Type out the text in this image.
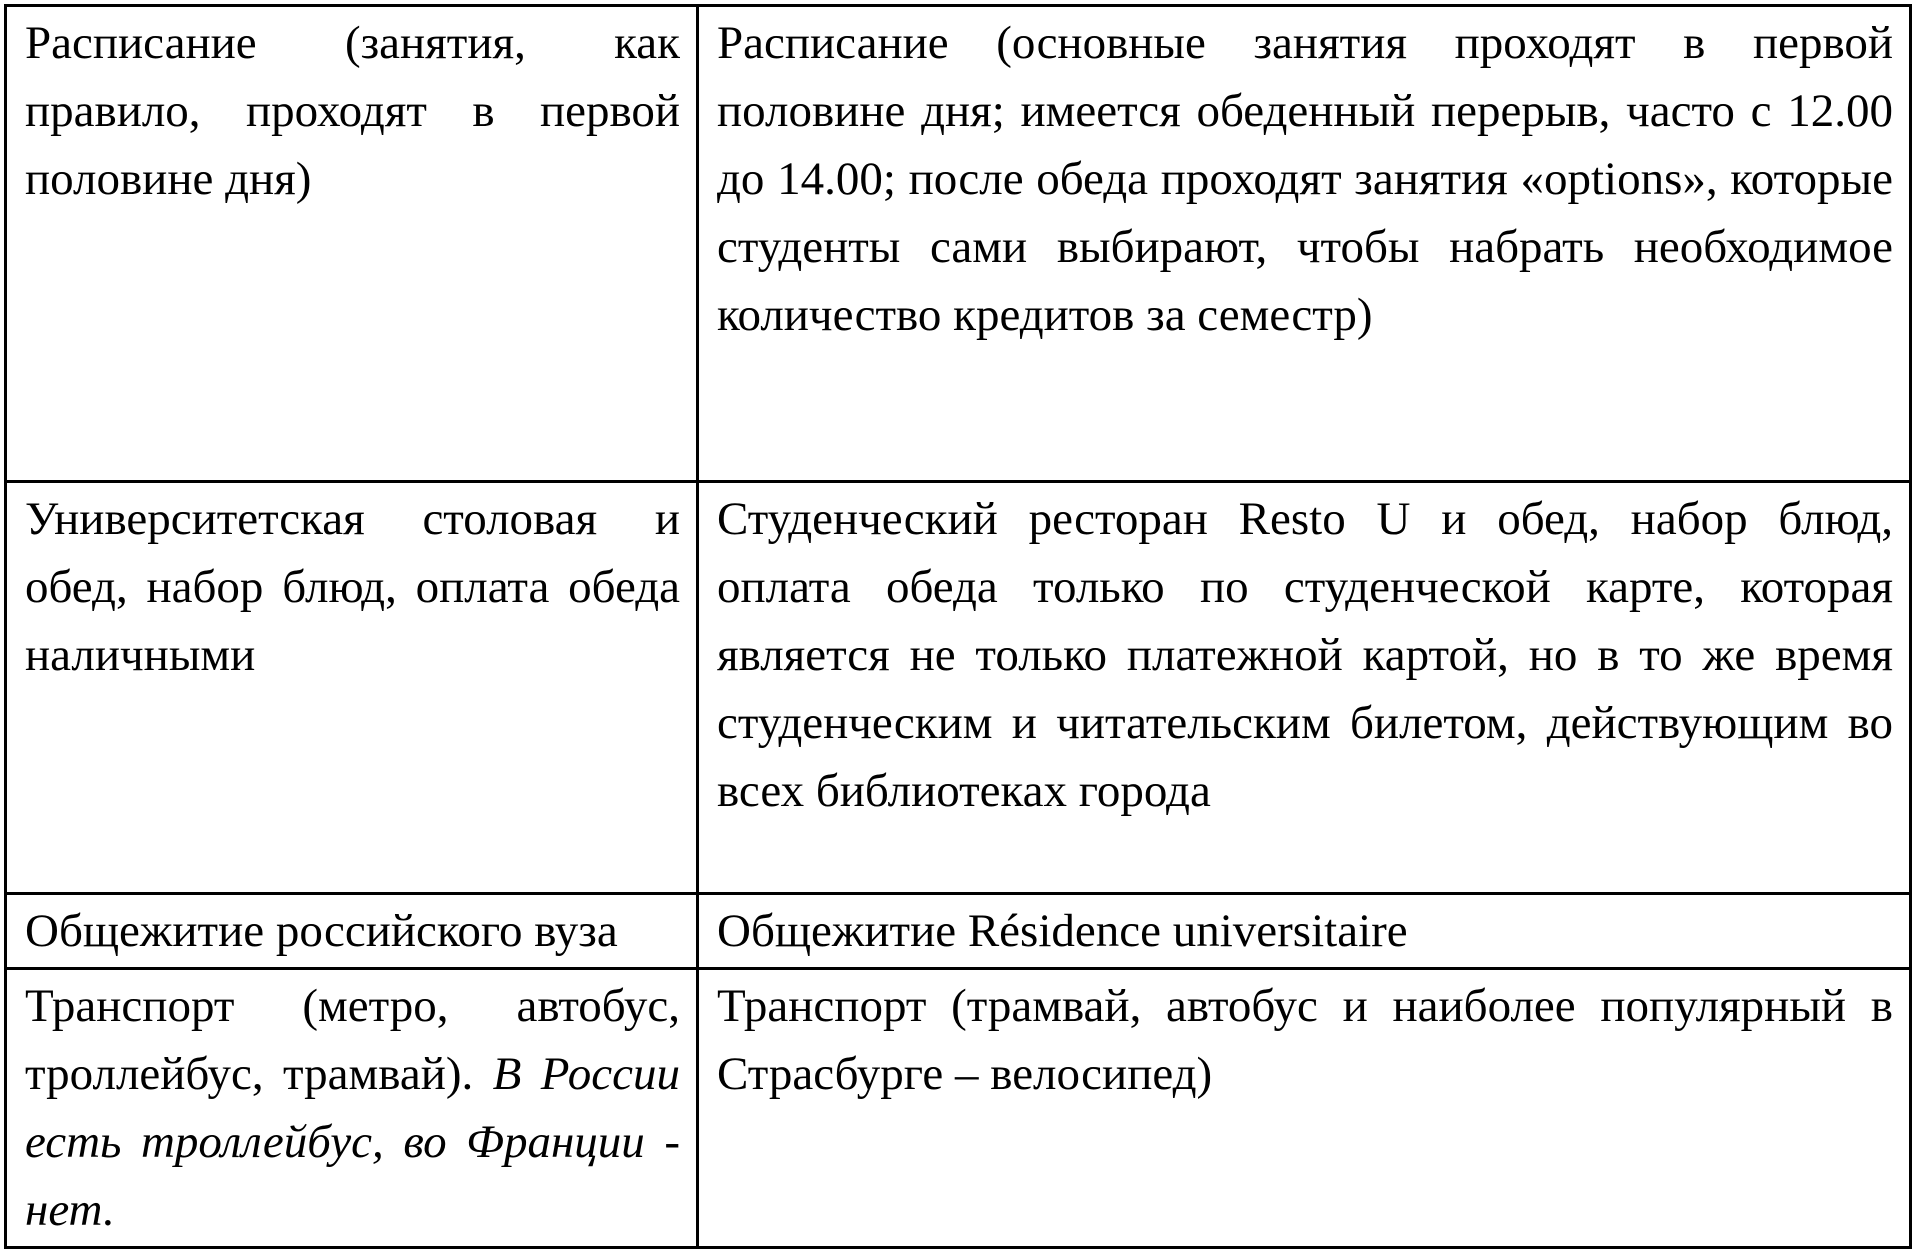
Расписание (занятия, как правило, проходят в первой половине дня)	Расписание (основные занятия проходят в первой половине дня; имеется обеденный перерыв, часто с 12.00 до 14.00; после обеда проходят занятия «options», которые студенты сами выбирают, чтобы набрать необходимое количество кредитов за семестр)
Университетская столовая и обед, набор блюд, оплата обеда наличными	Студенческий ресторан Resto U и обед, набор блюд, оплата обеда только по студенческой карте, которая является не только платежной картой, но в то же время студенческим и читательским билетом, действующим во всех библиотеках города
Общежитие российского вуза	Общежитие Résidence universitaire
Транспорт (метро, автобус, троллейбус, трамвай). В России есть троллейбус, во Франции - нет.	Транспорт (трамвай, автобус и наиболее популярный в Страсбурге – велосипед)
